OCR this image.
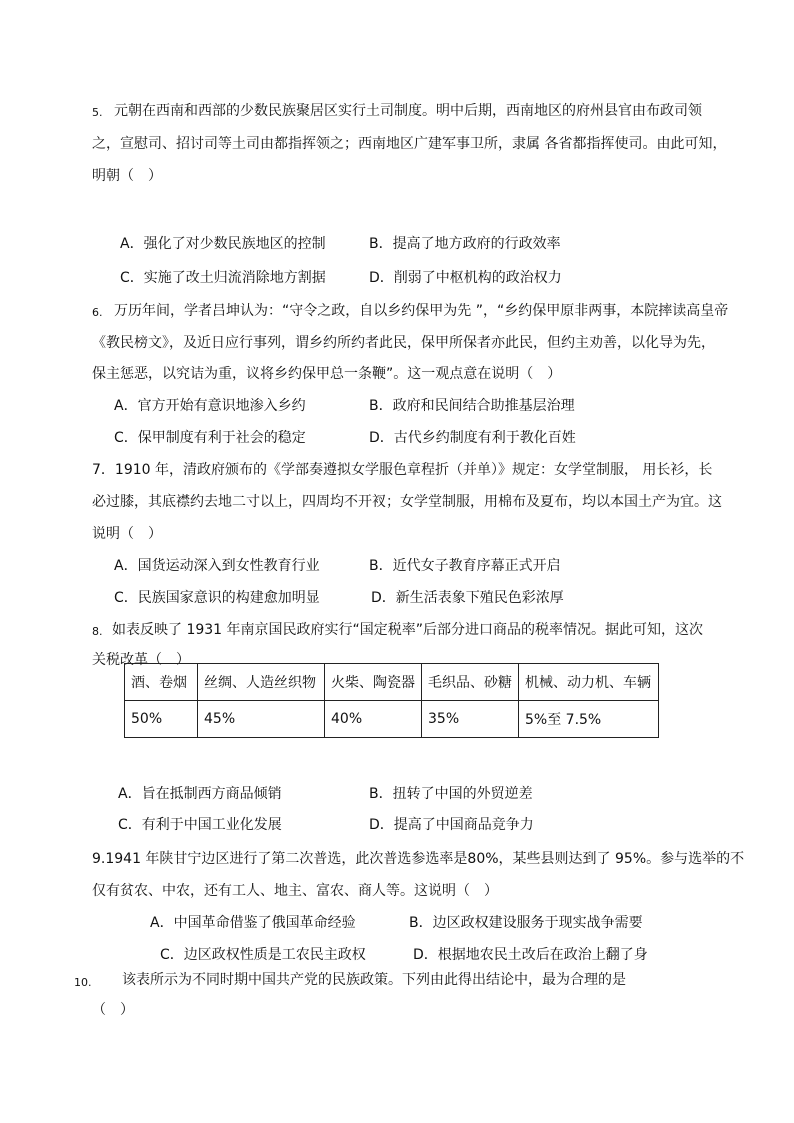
5. 元朝在西南和西部的少数民族聚居区实行土司制度。明中后期，西南地区的府州县官由布政司领
之，宣慰司、招讨司等土司由都指挥领之；西南地区广建军事卫所，隶属 各省都指挥使司。由此可知，
明朝（　）
A．强化了对少数民族地区的控制	B．提高了地方政府的行政效率
C．实施了改土归流消除地方割据	D．削弱了中枢机构的政治权力
6. 万历年间，学者吕坤认为：“守令之政，自以乡约保甲为先 ”，“乡约保甲原非两事，本院摔读高皇帝
《教民榜文》，及近日应行事列，谓乡约所约者此民，保甲所保者亦此民，但约主劝善，以化导为先，
保主惩恶，以究诘为重，议将乡约保甲总一条鞭”。这一观点意在说明（　）
A．官方开始有意识地渗入乡约	B．政府和民间结合助推基层治理
C．保甲制度有利于社会的稳定	D．古代乡约制度有利于教化百姓
7．1910 年，清政府颁布的《学部奏遵拟女学服色章程折（并单）》规定：女学堂制服， 用长衫，长
必过膝，其底襟约去地二寸以上，四周均不开衩；女学堂制服，用棉布及夏布，均以本国土产为宜。这
说明（　）
A．国货运动深入到女性教育行业	B．近代女子教育序幕正式开启
C．民族国家意识的构建愈加明显	D．新生活表象下殖民色彩浓厚
8. 如表反映了 1931 年南京国民政府实行“国定税率”后部分进口商品的税率情况。据此可知，这次
关税改革（　）
酒、卷烟	丝绸、人造丝织物	火柴、陶瓷器	毛织品、砂糖	机械、动力机、车辆
50%	45%	40%	35%	5%至 7.5%
A．旨在抵制西方商品倾销	B．扭转了中国的外贸逆差
C．有利于中国工业化发展	D．提高了中国商品竞争力
9.1941 年陕甘宁边区进行了第二次普选，此次普选参选率是80%，某些县则达到了 95%。参与选举的不
仅有贫农、中农，还有工人、地主、富农、商人等。这说明（　）
A．中国革命借鉴了俄国革命经验	B．边区政权建设服务于现实战争需要
C．边区政权性质是工农民主政权	D．根据地农民土改后在政治上翻了身
10. 该表所示为不同时期中国共产党的民族政策。下列由此得出结论中，最为合理的是
（　）
